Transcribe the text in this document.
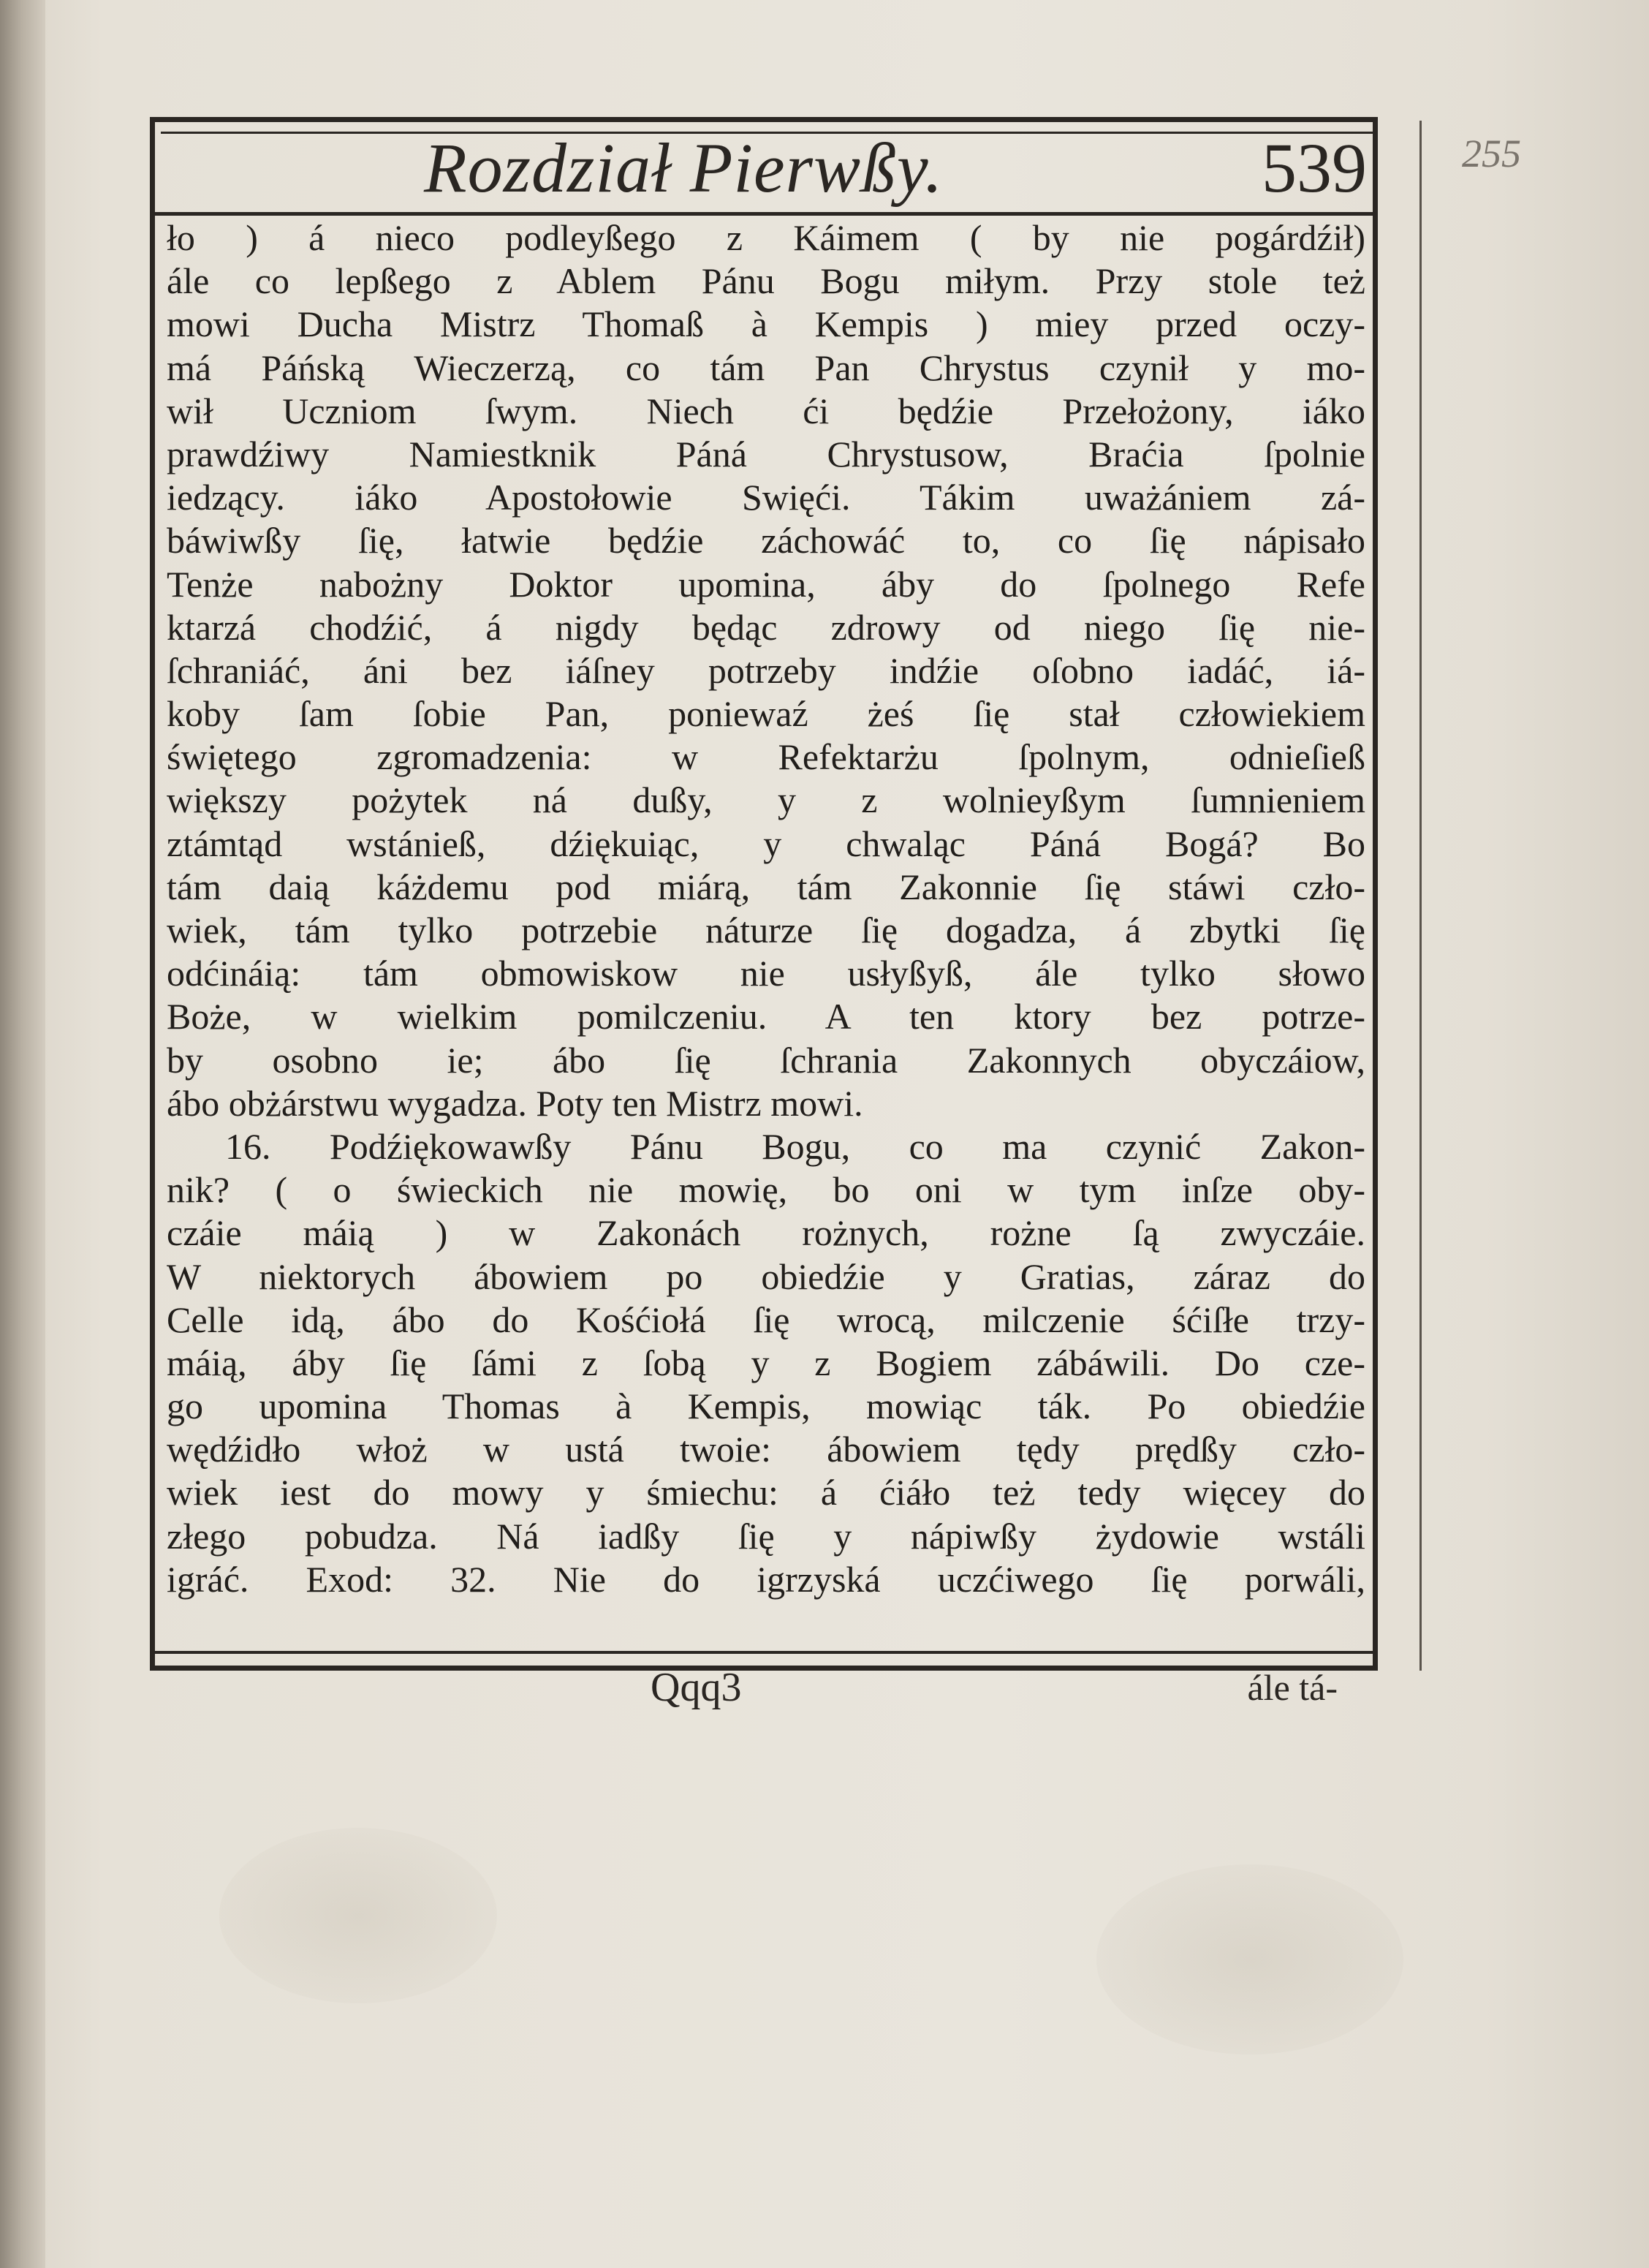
Rozdział Pierwßy.	539 255
ło ) á nieco podleyßego z Káimem ( by nie pogárdźił)
ále co lepßego z Ablem Pánu Bogu miłym. Przy stole też
mowi Ducha Mistrz Thomaß à Kempis ) miey przed oczy-
má Páńską Wieczerzą, co tám Pan Chrystus czynił y mo-
wił Uczniom ſwym. Niech ći będźie Przełożony, iáko
prawdźiwy Namiestknik Páná Chrystusow, Braćia ſpolnie
iedzący. iáko Apostołowie Swięći. Tákim uważániem zá-
báwiwßy ſię, łatwie będźie záchowáć to, co ſię nápisało
Tenże nabożny Doktor upomina, áby do ſpolnego Refe
ktarzá chodźić, á nigdy będąc zdrowy od niego ſię nie-
ſchraniáć, áni bez iáſney potrzeby indźie oſobno iadáć, iá-
koby ſam ſobie Pan, poniewaź żeś ſię stał człowiekiem
świętego zgromadzenia: w Refektarżu ſpolnym, odnieſieß
większy pożytek ná dußy, y z wolnieyßym ſumnieniem
ztámtąd wstánieß, dźiękuiąc, y chwaląc Páná Bogá? Bo
tám daią káżdemu pod miárą, tám Zakonnie ſię stáwi czło-
wiek, tám tylko potrzebie náturze ſię dogadza, á zbytki ſię
odćináią: tám obmowiskow nie usłyßyß, ále tylko słowo
Boże, w wielkim pomilczeniu. A ten ktory bez potrze-
by osobno ie; ábo ſię ſchrania Zakonnych obyczáiow,
ábo obżárstwu wygadza. Poty ten Mistrz mowi.
16. Podźiękowawßy Pánu Bogu, co ma czynić Zakon-
nik? ( o świeckich nie mowię, bo oni w tym inſze oby-
czáie máią ) w Zakonách rożnych, rożne ſą zwyczáie.
W niektorych ábowiem po obiedźie y Gratias, záraz do
Celle idą, ábo do Kośćiołá ſię wrocą, milczenie śćiſłe trzy-
máią, áby ſię ſámi z ſobą y z Bogiem zábáwili. Do cze-
go upomina Thomas à Kempis, mowiąc ták. Po obiedźie
wędźidło włoż w ustá twoie: ábowiem tędy prędßy czło-
wiek iest do mowy y śmiechu: á ćiáło też tedy więcey do
złego pobudza. Ná iadßy ſię y nápiwßy żydowie wstáli
igráć. Exod: 32. Nie do igrzyská uczćiwego ſię porwáli,
Qqq3	ále tá-
